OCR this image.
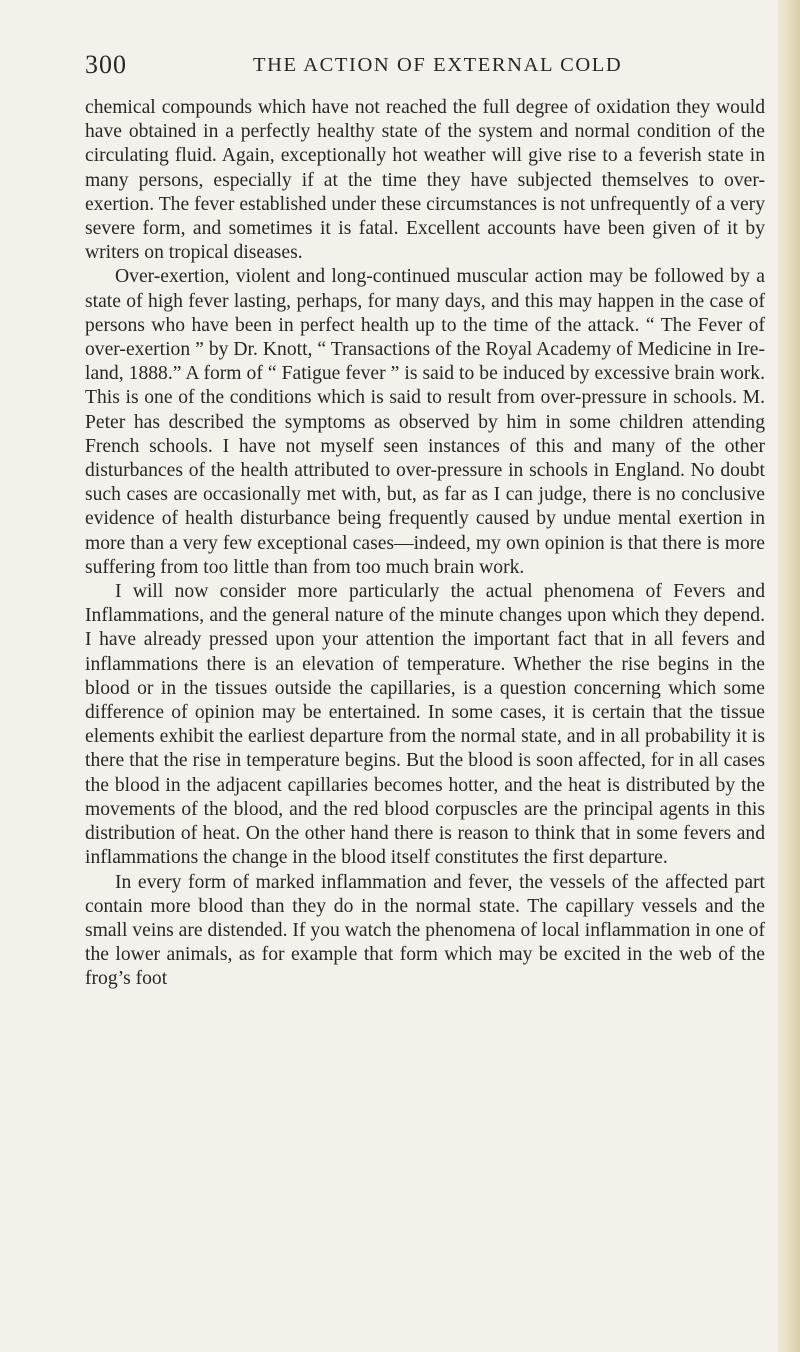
300	THE ACTION OF EXTERNAL COLD

chemical compounds which have not reached the full degree of oxidation they would have obtained in a perfectly healthy state of the system and normal condition of the circulating fluid. Again, exceptionally hot weather will give rise to a feverish state in many persons, especially if at the time they have subjected themselves to over-exertion. The fever established under these circumstances is not unfrequently of a very severe form, and sometimes it is fatal. Excellent accounts have been given of it by writers on tropical diseases.

Over-exertion, violent and long-continued muscular action may be followed by a state of high fever lasting, perhaps, for many days, and this may happen in the case of persons who have been in perfect health up to the time of the attack. “ The Fever of over-exertion ” by Dr. Knott, “ Transactions of the Royal Academy of Medicine in Ireland, 1888.” A form of “ Fatigue fever ” is said to be induced by excessive brain work. This is one of the conditions which is said to result from over-pressure in schools. M. Peter has described the symptoms as observed by him in some children attending French schools. I have not myself seen instances of this and many of the other disturbances of the health attributed to over-pressure in schools in England. No doubt such cases are occasionally met with, but, as far as I can judge, there is no conclusive evidence of health disturbance being frequently caused by undue mental exertion in more than a very few exceptional cases—indeed, my own opinion is that there is more suffering from too little than from too much brain work.

I will now consider more particularly the actual phenomena of Fevers and Inflammations, and the general nature of the minute changes upon which they depend. I have already pressed upon your attention the important fact that in all fevers and inflammations there is an elevation of temperature. Whether the rise begins in the blood or in the tissues outside the capillaries, is a question concerning which some difference of opinion may be entertained. In some cases, it is certain that the tissue elements exhibit the earliest departure from the normal state, and in all probability it is there that the rise in temperature begins. But the blood is soon affected, for in all cases the blood in the adjacent capillaries becomes hotter, and the heat is distributed by the movements of the blood, and the red blood corpuscles are the principal agents in this distribution of heat. On the other hand there is reason to think that in some fevers and inflammations the change in the blood itself constitutes the first departure.

In every form of marked inflammation and fever, the vessels of the affected part contain more blood than they do in the normal state. The capillary vessels and the small veins are distended. If you watch the phenomena of local inflammation in one of the lower animals, as for example that form which may be excited in the web of the frog’s foot
